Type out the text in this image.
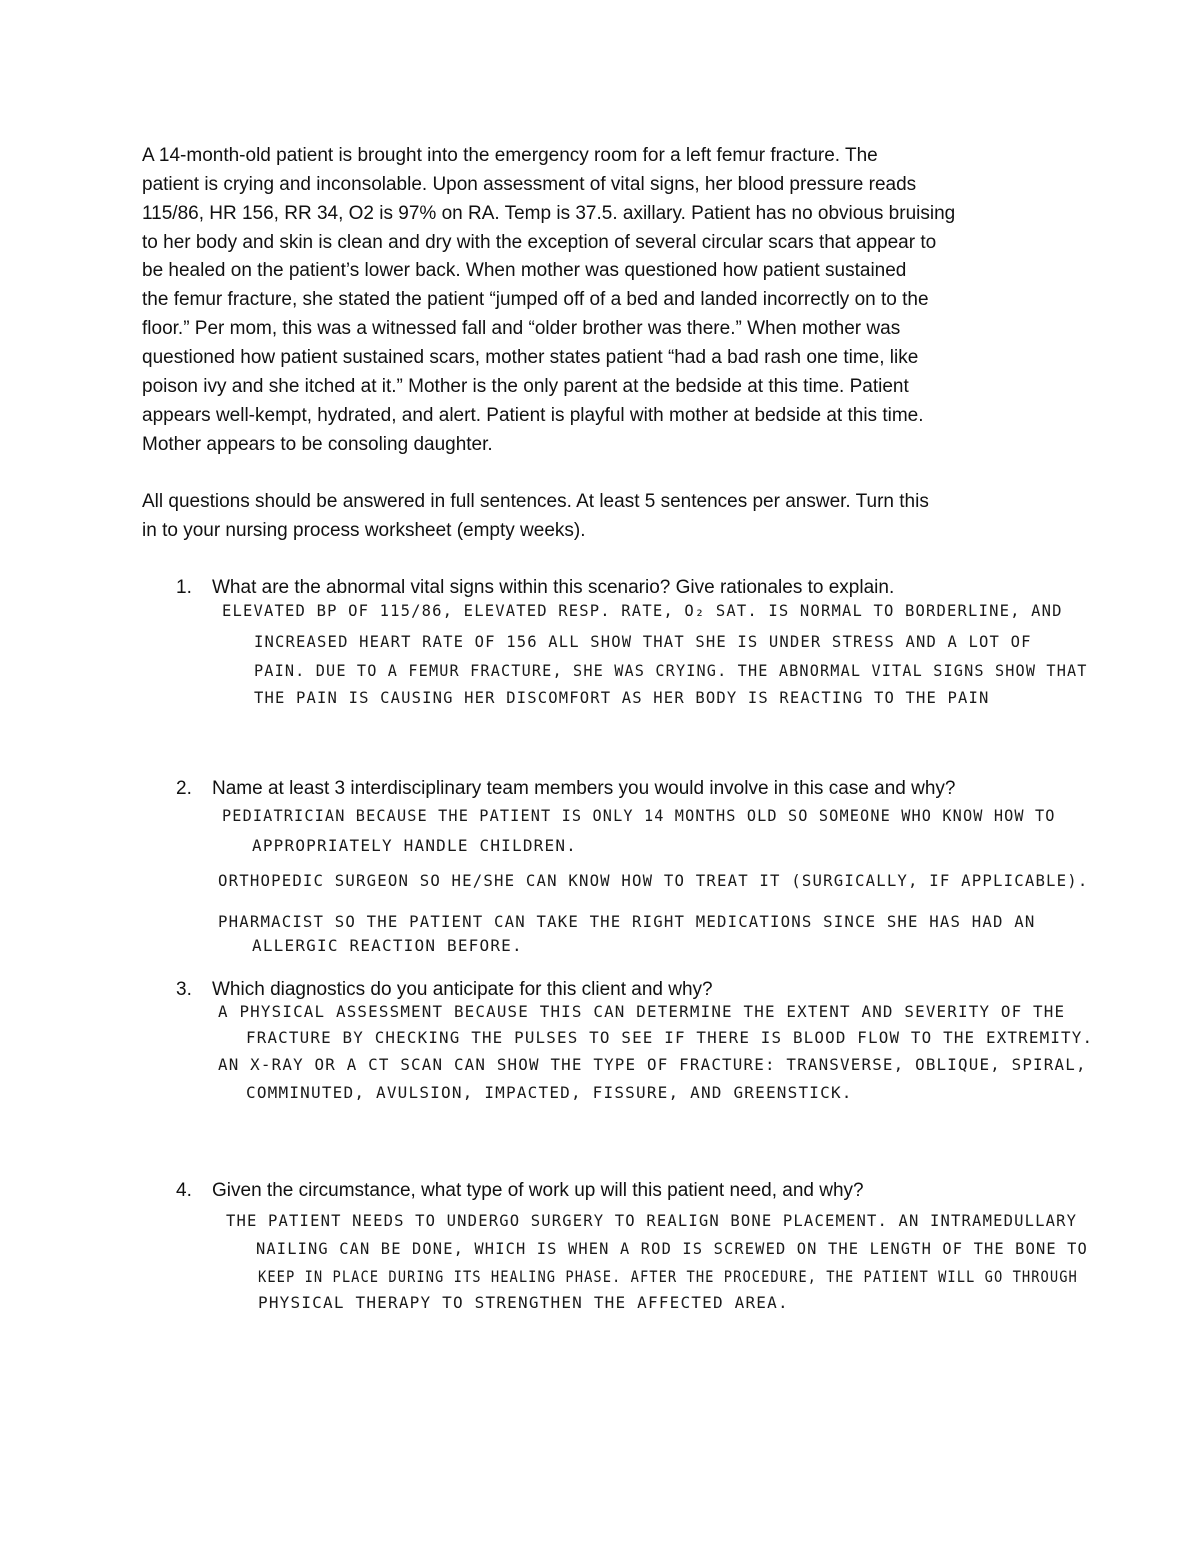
A 14-month-old patient is brought into the emergency room for a left femur fracture. The
patient is crying and inconsolable. Upon assessment of vital signs, her blood pressure reads
115/86, HR 156, RR 34, O2 is 97% on RA. Temp is 37.5. axillary. Patient has no obvious bruising
to her body and skin is clean and dry with the exception of several circular scars that appear to
be healed on the patient’s lower back. When mother was questioned how patient sustained
the femur fracture, she stated the patient “jumped off of a bed and landed incorrectly on to the
floor.” Per mom, this was a witnessed fall and “older brother was there.” When mother was
questioned how patient sustained scars, mother states patient “had a bad rash one time, like
poison ivy and she itched at it.” Mother is the only parent at the bedside at this time. Patient
appears well-kempt, hydrated, and alert. Patient is playful with mother at bedside at this time.
Mother appears to be consoling daughter.
All questions should be answered in full sentences. At least 5 sentences per answer. Turn this
in to your nursing process worksheet (empty weeks).
1. What are the abnormal vital signs within this scenario? Give rationales to explain.
ELEVATED BP OF 115/86, ELEVATED RESP. RATE, O₂ SAT. IS NORMAL TO BORDERLINE, AND
INCREASED HEART RATE OF 156 ALL SHOW THAT SHE IS UNDER STRESS AND A LOT OF
PAIN. DUE TO A FEMUR FRACTURE, SHE WAS CRYING. THE ABNORMAL VITAL SIGNS SHOW THAT
THE PAIN IS CAUSING HER DISCOMFORT AS HER BODY IS REACTING TO THE PAIN
2. Name at least 3 interdisciplinary team members you would involve in this case and why?
PEDIATRICIAN BECAUSE THE PATIENT IS ONLY 14 MONTHS OLD SO SOMEONE WHO KNOW HOW TO
APPROPRIATELY HANDLE CHILDREN.
ORTHOPEDIC SURGEON SO HE/SHE CAN KNOW HOW TO TREAT IT (SURGICALLY, IF APPLICABLE).
PHARMACIST SO THE PATIENT CAN TAKE THE RIGHT MEDICATIONS SINCE SHE HAS HAD AN
ALLERGIC REACTION BEFORE.
3. Which diagnostics do you anticipate for this client and why?
A PHYSICAL ASSESSMENT BECAUSE THIS CAN DETERMINE THE EXTENT AND SEVERITY OF THE
FRACTURE BY CHECKING THE PULSES TO SEE IF THERE IS BLOOD FLOW TO THE EXTREMITY.
AN X-RAY OR A CT SCAN CAN SHOW THE TYPE OF FRACTURE: TRANSVERSE, OBLIQUE, SPIRAL,
COMMINUTED, AVULSION, IMPACTED, FISSURE, AND GREENSTICK.
4. Given the circumstance, what type of work up will this patient need, and why?
THE PATIENT NEEDS TO UNDERGO SURGERY TO REALIGN BONE PLACEMENT. AN INTRAMEDULLARY
NAILING CAN BE DONE, WHICH IS WHEN A ROD IS SCREWED ON THE LENGTH OF THE BONE TO
KEEP IN PLACE DURING ITS HEALING PHASE. AFTER THE PROCEDURE, THE PATIENT WILL GO THROUGH
PHYSICAL THERAPY TO STRENGTHEN THE AFFECTED AREA.
